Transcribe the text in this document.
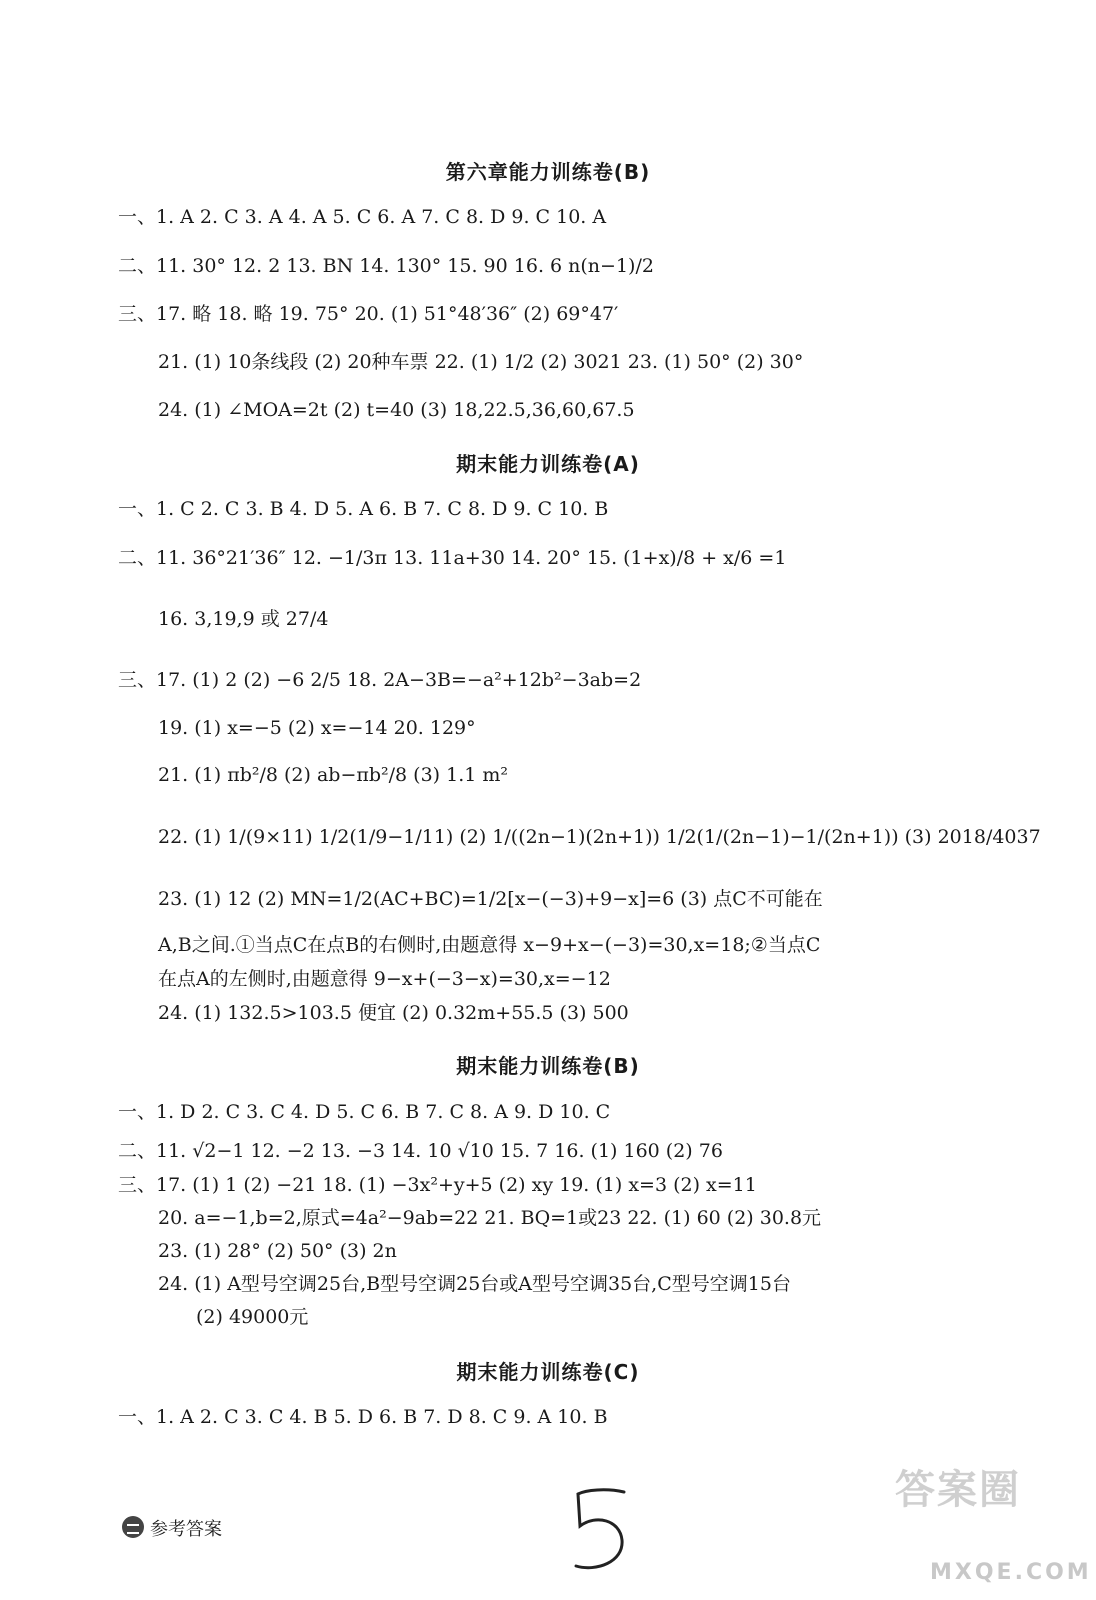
第六章能力训练卷(B)
一、1. A 2. C 3. A 4. A 5. C 6. A 7. C 8. D 9. C 10. A
二、11. 30° 12. 2 13. BN 14. 130° 15. 90 16. 6 n(n−1)/2
三、17. 略 18. 略 19. 75° 20. (1) 51°48′36″ (2) 69°47′
21. (1) 10条线段 (2) 20种车票 22. (1) 1/2 (2) 3021 23. (1) 50° (2) 30°
24. (1) ∠MOA=2t (2) t=40 (3) 18,22.5,36,60,67.5
期末能力训练卷(A)
一、1. C 2. C 3. B 4. D 5. A 6. B 7. C 8. D 9. C 10. B
二、11. 36°21′36″ 12. −1/3π 13. 11a+30 14. 20° 15. (1+x)/8 + x/6 =1
16. 3,19,9 或 27/4
三、17. (1) 2 (2) −6 2/5 18. 2A−3B=−a²+12b²−3ab=2
19. (1) x=−5 (2) x=−14 20. 129°
21. (1) πb²/8 (2) ab−πb²/8 (3) 1.1 m²
22. (1) 1/(9×11) 1/2(1/9−1/11) (2) 1/((2n−1)(2n+1)) 1/2(1/(2n−1)−1/(2n+1)) (3) 2018/4037
23. (1) 12 (2) MN=1/2(AC+BC)=1/2[x−(−3)+9−x]=6 (3) 点C不可能在
A,B之间.①当点C在点B的右侧时,由题意得 x−9+x−(−3)=30,x=18;②当点C
在点A的左侧时,由题意得 9−x+(−3−x)=30,x=−12
24. (1) 132.5>103.5 便宜 (2) 0.32m+55.5 (3) 500
期末能力训练卷(B)
一、1. D 2. C 3. C 4. D 5. C 6. B 7. C 8. A 9. D 10. C
二、11. √2−1 12. −2 13. −3 14. 10 √10 15. 7 16. (1) 160 (2) 76
三、17. (1) 1 (2) −21 18. (1) −3x²+y+5 (2) xy 19. (1) x=3 (2) x=11
20. a=−1,b=2,原式=4a²−9ab=22 21. BQ=1或23 22. (1) 60 (2) 30.8元
23. (1) 28° (2) 50° (3) 2n
24. (1) A型号空调25台,B型号空调25台或A型号空调35台,C型号空调15台
(2) 49000元
期末能力训练卷(C)
一、1. A 2. C 3. C 4. B 5. D 6. B 7. D 8. C 9. A 10. B
参考答案
答案圈
MXQE.COM
